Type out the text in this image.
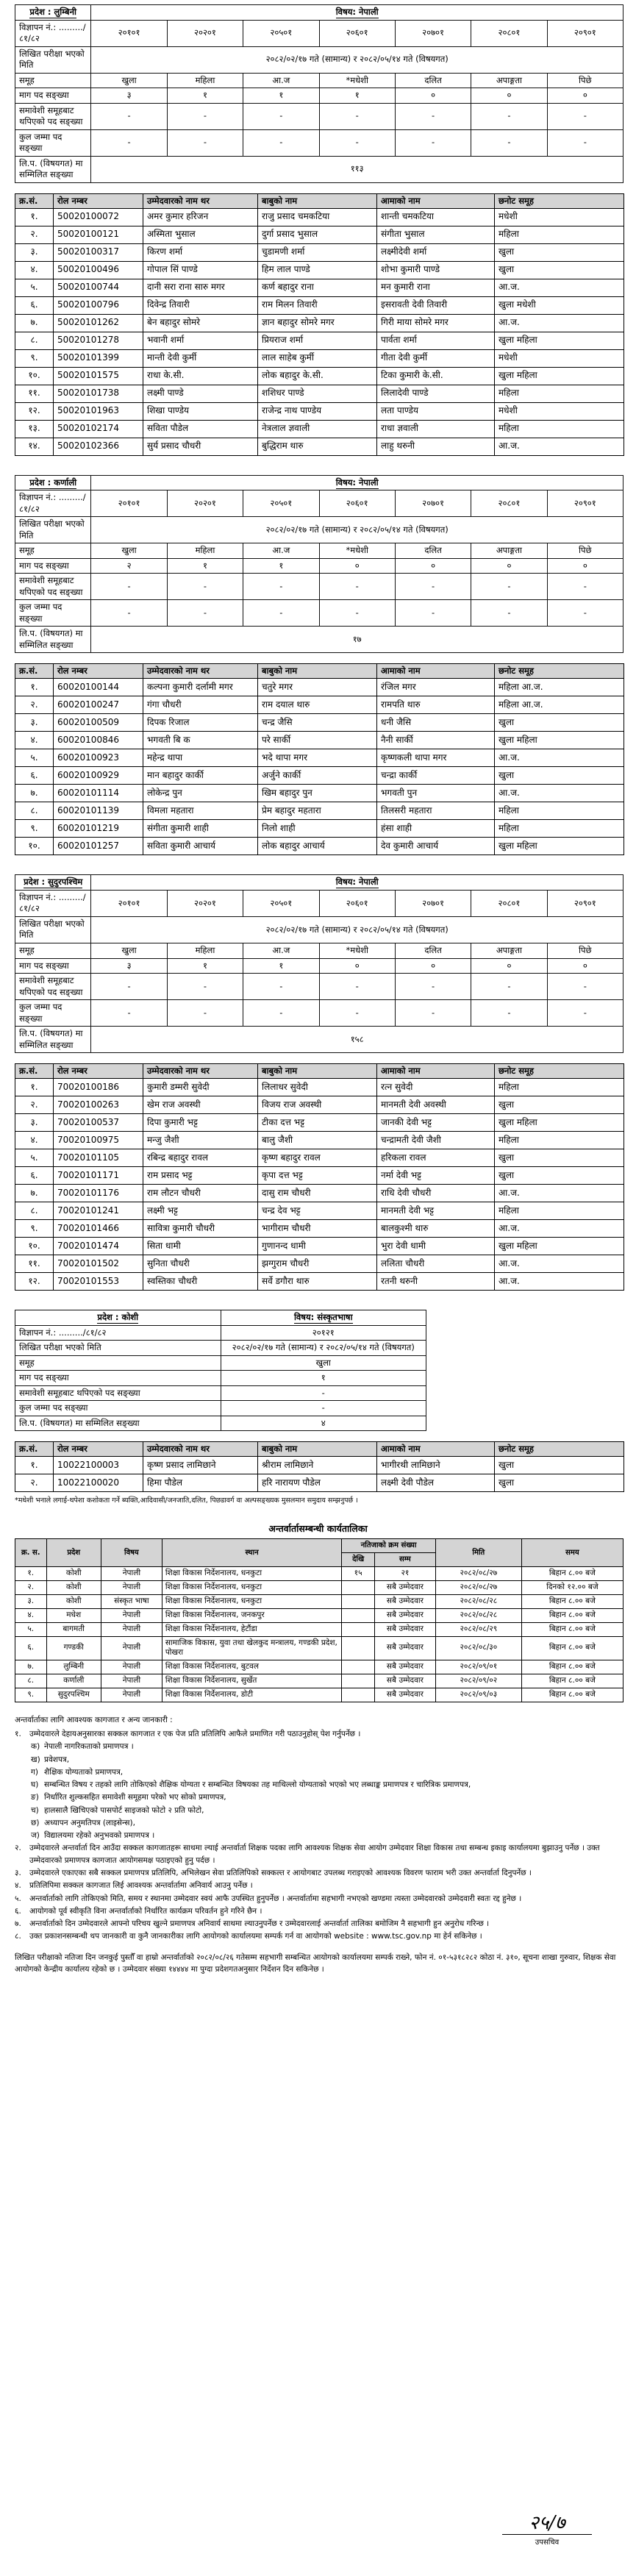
प्रदेश : लुम्बिनी	विषय: नेपाली						
विज्ञापन नं.: ........./८१/८२	२०१०१	२०२०१	२०५०१	२०६०१	२०७०१	२०८०१	२०९०१
लिखित परीक्षा भएको मिति	२०८२/०२/१७ गते (सामान्य) र २०८२/०५/१४ गते (विषयगत)						
समूह	खुला	महिला	आ.ज	*मधेशी	दलित	अपाङ्गता	पिछे
माग पद सङ्ख्या	३	१	१	१	०	०	०
समावेशी समूहबाट थपिएको पद सङ्ख्या	-	-	-	-	-	-	-
कुल जम्मा पद सङ्ख्या	-	-	-	-	-	-	-
लि.प. (विषयगत) मा सम्मिलित सङ्ख्या	११३						
क्र.सं.	रोल नम्बर	उम्मेदवारको नाम थर	बाबुको नाम	आमाको नाम	छनोट समूह
१.	50020100072	अमर कुमार हरिजन	राजु प्रसाद चमकटिया	शान्ती चमकटिया	मधेशी
२.	50020100121	अस्मिता भुसाल	दुर्गा प्रसाद भुसाल	संगीता भुसाल	महिला
३.	50020100317	किरण शर्मा	चुडामणी शर्मा	लक्ष्मीदेवी शर्मा	खुला
४.	50020100496	गोपाल सिं पाण्डे	हिम लाल पाण्डे	शोभा कुमारी पाण्डे	खुला
५.	50020100744	दानी सरा राना सारु मगर	कर्ण बहादुर राना	मन कुमारी राना	आ.ज.
६.	50020100796	दिवेन्द्र तिवारी	राम मिलन तिवारी	इसरावती देवी तिवारी	खुला मधेशी
७.	50020101262	बेन बहादुर सोमरे	ज्ञान बहादुर सोमरे मगर	गिरी माया सोमरे मगर	आ.ज.
८.	50020101278	भवानी शर्मा	प्रियराज शर्मा	पार्वता शर्मा	खुला महिला
९.	50020101399	मान्ती देवी कुर्मी	लाल साहेब कुर्मी	गीता देवी कुर्मी	मधेशी
१०.	50020101575	राधा के.सी.	लोक बहादुर के.सी.	टिका कुमारी के.सी.	खुला महिला
११.	50020101738	लक्ष्मी पाण्डे	शशिधर पाण्डे	लिलादेवी पाण्डे	महिला
१२.	50020101963	शिखा पाण्डेय	राजेन्द्र नाथ पाण्डेय	लता पाण्डेय	मधेशी
१३.	50020102174	सविता पौडेल	नेत्रलाल ज्ञवाली	राधा ज्ञवाली	महिला
१४.	50020102366	सुर्य प्रसाद चौधरी	बुद्धिराम थारु	लाहु थरुनी	आ.ज.
प्रदेश : कर्णाली	विषय: नेपाली						
विज्ञापन नं.: ........./८१/८२	२०१०१	२०२०१	२०५०१	२०६०१	२०७०१	२०८०१	२०९०१
लिखित परीक्षा भएको मिति	२०८२/०२/१७ गते (सामान्य) र २०८२/०५/१४ गते (विषयगत)						
समूह	खुला	महिला	आ.ज	*मधेशी	दलित	अपाङ्गता	पिछे
माग पद सङ्ख्या	२	१	१	०	०	०	०
समावेशी समूहबाट थपिएको पद सङ्ख्या	-	-	-	-	-	-	-
कुल जम्मा पद सङ्ख्या	-	-	-	-	-	-	-
लि.प. (विषयगत) मा सम्मिलित सङ्ख्या	१७						
क्र.सं.	रोल नम्बर	उम्मेदवारको नाम थर	बाबुको नाम	आमाको नाम	छनोट समूह
१.	60020100144	कल्पना कुमारी दर्लामी मगर	चतुरे मगर	रंजिल मगर	महिला आ.ज.
२.	60020100247	गंगा चौधरी	राम दयाल थारु	रामपति थारु	महिला आ.ज.
३.	60020100509	दिपक रिजाल	चन्द्र जैसि	धनी जैसि	खुला
४.	60020100846	भगवती बि क	परे सार्की	नैनी सार्की	खुला महिला
५.	60020100923	महेन्द्र थापा	भदे थापा मगर	कृष्णकली थापा मगर	आ.ज.
६.	60020100929	मान बहादुर कार्की	अर्जुने कार्की	चन्द्रा कार्की	खुला
७.	60020101114	लोकेन्द्र पुन	खिम बहादुर पुन	भगवती पुन	आ.ज.
८.	60020101139	विमला महतारा	प्रेम बहादुर महतारा	तिलसरी महतारा	महिला
९.	60020101219	संगीता कुमारी शाही	निलो शाही	हंसा शाही	महिला
१०.	60020101257	सविता कुमारी आचार्य	लोक बहादुर आचार्य	देव कुमारी आचार्य	खुला महिला
प्रदेश : सुदुरपश्चिम	विषय: नेपाली						
विज्ञापन नं.: ........./८१/८२	२०१०१	२०२०१	२०५०१	२०६०१	२०७०१	२०८०१	२०९०१
लिखित परीक्षा भएको मिति	२०८२/०२/१७ गते (सामान्य) र २०८२/०५/१४ गते (विषयगत)						
समूह	खुला	महिला	आ.ज	*मधेशी	दलित	अपाङ्गता	पिछे
माग पद सङ्ख्या	३	१	१	०	०	०	०
समावेशी समूहबाट थपिएको पद सङ्ख्या	-	-	-	-	-	-	-
कुल जम्मा पद सङ्ख्या	-	-	-	-	-	-	-
लि.प. (विषयगत) मा सम्मिलित सङ्ख्या	१५८						
क्र.सं.	रोल नम्बर	उम्मेदवारको नाम थर	बाबुको नाम	आमाको नाम	छनोट समूह
१.	70020100186	कुमारी डम्मरी सुवेदी	लिलाधर सुवेदी	रत्न सुवेदी	महिला
२.	70020100263	खेम राज अवस्थी	विजय राज अवस्थी	मानमती देवी अवस्थी	खुला
३.	70020100537	दिपा कुमारी भट्ट	टीका दत्त भट्ट	जानकी देवी भट्ट	खुला महिला
४.	70020100975	मन्जु जैशी	बालु जैशी	चन्द्रामती देवी जैशी	महिला
५.	70020101105	रबिन्द्र बहादुर रावल	कृष्ण बहादुर रावल	हरिकला रावल	खुला
६.	70020101171	राम प्रसाद भट्ट	कृपा दत्त भट्ट	नर्मा देवी भट्ट	खुला
७.	70020101176	राम लौटन चौधरी	दासु राम चौधरी	राधि देवी चौधरी	आ.ज.
८.	70020101241	लक्ष्मी भट्ट	चन्द्र देव भट्ट	मानमती देवी भट्ट	महिला
९.	70020101466	सावित्रा कुमारी चौधरी	भागीराम चौधरी	बालकुश्मी थारु	आ.ज.
१०.	70020101474	सिता धामी	गुणानन्द धामी	भुरा देवी धामी	खुला महिला
११.	70020101502	सुनिता चौधरी	झग्गुराम चौधरी	ललिता चौधरी	आ.ज.
१२.	70020101553	स्वस्तिका चौधरी	सर्वे डगौरा थारु	रतनी थरुनी	आ.ज.
प्रदेश : कोशी	विषय: संस्कृतभाषा
विज्ञापन नं.: ........./८१/८२	२०१२१
लिखित परीक्षा भएको मिति	२०८२/०२/१७ गते (सामान्य) र २०८२/०५/१४ गते (विषयगत)
समूह	खुला
माग पद सङ्ख्या	१
समावेशी समूहबाट थपिएको पद सङ्ख्या	-
कुल जम्मा पद सङ्ख्या	-
लि.प. (विषयगत) मा सम्मिलित सङ्ख्या	४
क्र.सं.	रोल नम्बर	उम्मेदवारको नाम थर	बाबुको नाम	आमाको नाम	छनोट समूह
१.	10022100003	कृष्ण प्रसाद लामिछाने	श्रीराम लामिछाने	भागीरथी लामिछाने	खुला
२.	10022100020	हिमा पौडेल	हरि नारायण पौडेल	लक्ष्मी देवी पौडेल	खुला
*मधेशी भनाले लगाई-थपेशा कशोकता गर्ने ब्यक्ति,आदिवासी/जनजाति,दलित, पिछडावर्ग वा अल्पसङ्ख्यक मुसलमान समुदाय सम्झनुपर्छ ।
अन्तर्वार्तासम्बन्धी कार्यतालिका
क्र. स.	प्रदेश	विषय	स्थान	नतिजाकाे क्रम संख्या		मिति	समय
				देखि	सम्म		
१.	कोशी	नेपाली	शिक्षा विकास निर्देशनालय, धनकुटा	१५	२१	२०८२/०८/२७	बिहान ८.०० बजे
२.	कोशी	नेपाली	शिक्षा विकास निर्देशनालय, धनकुटा		सबै उम्मेदवार	२०८२/०८/२७	दिनको १२.०० बजे
३.	कोशी	संस्कृत भाषा	शिक्षा विकास निर्देशनालय, धनकुटा		सबै उम्मेदवार	२०८२/०८/२८	बिहान ८.०० बजे
४.	मधेश	नेपाली	शिक्षा विकास निर्देशनालय, जनकपुर		सबै उम्मेदवार	२०८२/०८/२८	बिहान ८.०० बजे
५.	बागमती	नेपाली	शिक्षा विकास निर्देशनालय, हेटौंडा		सबै उम्मेदवार	२०८२/०८/२९	बिहान ८.०० बजे
६.	गण्डकी	नेपाली	सामाजिक विकास, युवा तथा खेलकुद मन्त्रालय, गण्डकी प्रदेश, पोखरा		सबै उम्मेदवार	२०८२/०८/३०	बिहान ८.०० बजे
७.	लुम्बिनी	नेपाली	शिक्षा विकास निर्देशनालय, बुटवल		सबै उम्मेदवार	२०८२/०९/०१	बिहान ८.०० बजे
८.	कर्णाली	नेपाली	शिक्षा विकास निर्देशनालय, सुर्खेत		सबै उम्मेदवार	२०८२/०९/०२	बिहान ८.०० बजे
९.	सुदुरपश्चिम	नेपाली	शिक्षा विकास निर्देशनालय, डोटी		सबै उम्मेदवार	२०८२/०९/०३	बिहान ८.०० बजे
अन्तर्वार्ताका लागि आवश्यक कागजात र अन्य जानकारी :
१.	उम्मेदवारले देहायअनुसारका सक्कल कागजात र एक पेज प्रति प्रतिलिपि आफैले प्रमाणित गरी पठाउनुहोस् पेश गर्नुपर्नेछ ।
क) नेपाली नागरिकताको प्रमाणपत्र ।
ख) प्रवेशपत्र,
ग) शैक्षिक योग्यताको प्रमाणपत्र,
घ) सम्बन्धित विषय र तहको लागि तोकिएको शैक्षिक योग्यता र सम्बन्धित विषयका तह माथिल्लो योग्यताको भएको भए लब्धाङ्क प्रमाणपत्र र चारित्रिक प्रमाणपत्र,
ङ) निर्धारित शुल्कसहित समावेशी समूहमा परेको भए सोको प्रमाणपत्र,
च) हालसालै खिचिएको पासपोर्ट साइजको फोटो २ प्रति फोटो,
छ) अध्यापन अनुमतिपत्र (लाइसेन्स),
ज) विद्यालयमा रहेको अनुभवको प्रमाणपत्र ।
२.	उम्मेदवारले अन्तर्वार्ता दिन आउँदा सक्कल कागजातहरू साथमा ल्याई अन्तर्वार्ता शिक्षक पदका लागि आवश्यक शिक्षक सेवा आयोग उम्मेदवार शिक्षा विकास तथा सम्बन्ध इकाइ कार्यालयमा बुझाउनु पर्नेछ । उक्त उम्मेदवारको प्रमाणपत्र कागजात आयोगसमक्ष पठाइएकाे हुनु पर्दछ ।
३.	उम्मेदवारले एकाएका सबै सक्कल प्रमाणपत्र प्रतिलिपि, अभिलेखन सेवा प्रतिलिपिको सक्कल्त र आयोगबाट उपलब्ध गराइएको आवश्यक विवरण फाराम भरी उक्त अन्तर्वार्ता दिनुपर्नेछ ।
४.	प्रतिलिपिमा सक्कल कागजात लिई आवश्यक अन्तर्वार्तामा अनिवार्य आउनु पर्नेछ ।
५.	अन्तर्वार्ताको लागि तोकिएको मिति, समय र स्थानमा उम्मेदवार स्वयं आफै उपस्थित हुनुपर्नेछ । अन्तर्वार्तामा सहभागी नभएको खण्डमा त्यस्ता उम्मेदवारको उम्मेदवारी स्वतः रद्द हुनेछ ।
६.	आयोगको पूर्व स्वीकृति विना अन्तर्वार्ताको निर्धारित कार्यक्रम परिवर्तन हुने गरिने छैन ।
७.	अन्तर्वार्ताको दिन उम्मेदवारले आफ्नो परिचय खुल्ने प्रमाणपत्र अनिवार्य साथमा ल्याउनुपर्नेछ र उम्मेदवारलाई अन्तर्वार्ता तालिका बमोजिम नै सहभागी हुन अनुरोध गरिन्छ ।
८.	उक्त प्रकाशनसम्बन्धी थप जानकारी वा कुनै जानकारीका लागि आयोगको कार्यालयमा सम्पर्क गर्न वा आयोगको website : www.tsc.gov.np मा हेर्न सकिनेछ ।
लिखित परीक्षाको नतिजा दिन जनकुई पुस्तौँ वा हाम्रो अन्तर्वार्ताको २०८२/०८/२६ गतेसम्म सहभागी सम्बन्धित आयोगकाे कार्यालयमा सम्पर्क राख्ने, फाेन नं. ०१-५३१८२८२ कोठा नं. ३१०, सूचना शाखा गुरुवार, शिक्षक सेवा आयोगकाे केन्द्रीय कार्यालय रहेको छ । उम्मेदवार संख्या १४४४४ मा पुग्दा प्रदेशगतअनुसार निर्देशन दिन सकिनेछ ।
२५/७
उपसचिव
